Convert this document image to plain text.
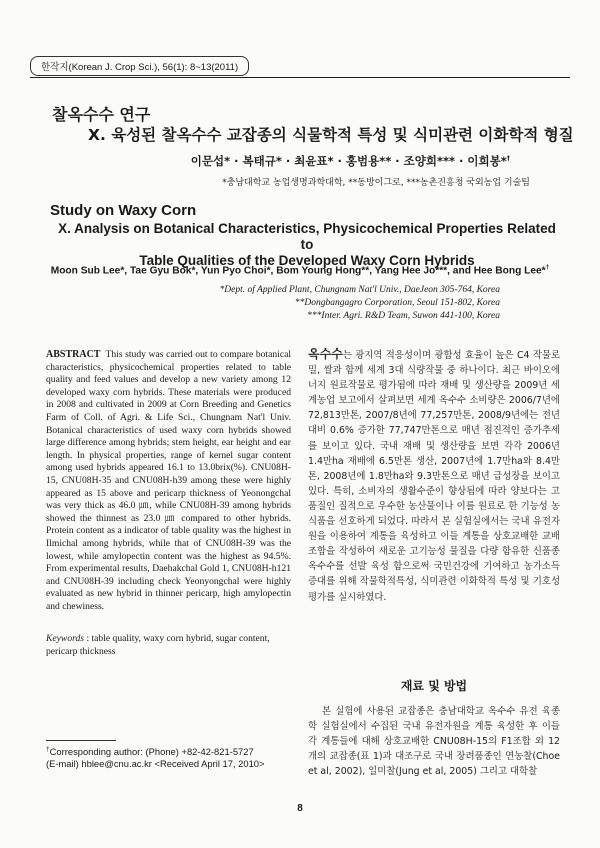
한작지(Korean J. Crop Sci.), 56(1): 8~13(2011)
찰옥수수 연구
X. 육성된 찰옥수수 교잡종의 식물학적 특성 및 식미관련 이화학적 형질
이문섭* · 복태규* · 최윤표* · 홍범용** · 조양희*** · 이희봉*†
*충남대학교 농업생명과학대학, **동방이그로, ***농촌진흥청 국외농업 기술팀
Study on Waxy Corn
X. Analysis on Botanical Characteristics, Physicochemical Properties Related to
Table Qualities of the Developed Waxy Corn Hybrids
Moon Sub Lee*, Tae Gyu Bok*, Yun Pyo Choi*, Bom Young Hong**, Yang Hee Jo***, and Hee Bong Lee*†
*Dept. of Applied Plant, Chungnam Nat'l Univ., DaeJeon 305-764, Korea
**Dongbangagro Corporation, Seoul 151-802, Korea
***Inter. Agri. R&D Team, Suwon 441-100, Korea
ABSTRACT This study was carried out to compare botanical characteristics, physicochemical properties related to table quality and feed values and develop a new variety among 12 developed waxy corn hybrids. These materials were produced in 2008 and cultivated in 2009 at Corn Breeding and Genetics Farm of Coll. of Agri. & Life Sci., Chungnam Nat'l Univ. Botanical characteristics of used waxy corn hybrids showed large difference among hybrids; stem height, ear height and ear length. In physical properties, range of kernel sugar content among used hybrids appeared 16.1 to 13.0brix(%). CNU08H-15, CNU08H-35 and CNU08H-h39 among these were highly appeared as 15 above and pericarp thickness of Yeonongchal was very thick as 46.0 ㎛, while CNU08H-39 among hybrids showed the thinnest as 23.0 ㎛ compared to other hybrids. Protein content as a indicator of table quality was the highest in Ilmichal among hybrids, while that of CNU08H-39 was the lowest, while amylopectin content was the highest as 94.5%. From experimental results, Daehakchal Gold 1, CNU08H-h121 and CNU08H-39 including check Yeonyongchal were highly evaluated as new hybrid in thinner pericarp, high amylopectin and chewiness.
Keywords : table quality, waxy corn hybrid, sugar content, pericarp thickness
†Corresponding author: (Phone) +82-42-821-5727
(E-mail) hblee@cnu.ac.kr <Received April 17, 2010>
옥수수는 광지역 적응성이며 광합성 효율이 높은 C4 작물로 밀, 쌀과 함께 세계 3대 식량작물 중 하나이다. 최근 바이오에너지 원료작물로 평가됨에 따라 재배 및 생산량을 2009년 세계농업 보고에서 살펴보면 세계 옥수수 소비량은 2006/7년에 72,813만톤, 2007/8년에 77,257만톤, 2008/9년에는 전년대비 0.6% 증가한 77,747만톤으로 매년 점진적인 증가추세를 보이고 있다. 국내 재배 및 생산량을 보면 각각 2006년 1.4만ha 재배에 6.5만톤 생산, 2007년에 1.7만ha와 8.4만톤, 2008년에 1.8만ha와 9.3만톤으로 매년 급성장을 보이고 있다. 특히, 소비자의 생활수준이 향상됨에 따라 양보다는 고품질인 질적으로 우수한 농산물이나 이를 원료로 한 기능성 농식품을 선호하게 되었다. 따라서 본 실험실에서는 국내 유전자원을 이용하여 계통을 육성하고 이들 계통을 상호교배한 교배조합을 작성하여 새로운 고기능성 물질을 다량 함유한 신품종 옥수수를 선발 육성 함으로써 국민건강에 기여하고 농가소득 증대를 위해 작물학적특성, 식미관련 이화학적 특성 및 기호성 평가를 실시하였다.
재료 및 방법
본 실험에 사용된 교잡종은 충남대학교 옥수수 유전 육종학 실험실에서 수집된 국내 유전자원을 계통 육성한 후 이들 각 계통들에 대해 상호교배한 CNU08H-15의 F1조합 외 12개의 교잡종(표 1)과 대조구로 국내 장려품종인 연농찰(Choe et al, 2002), 일미찰(Jung et al, 2005) 그리고 대학찰
8
